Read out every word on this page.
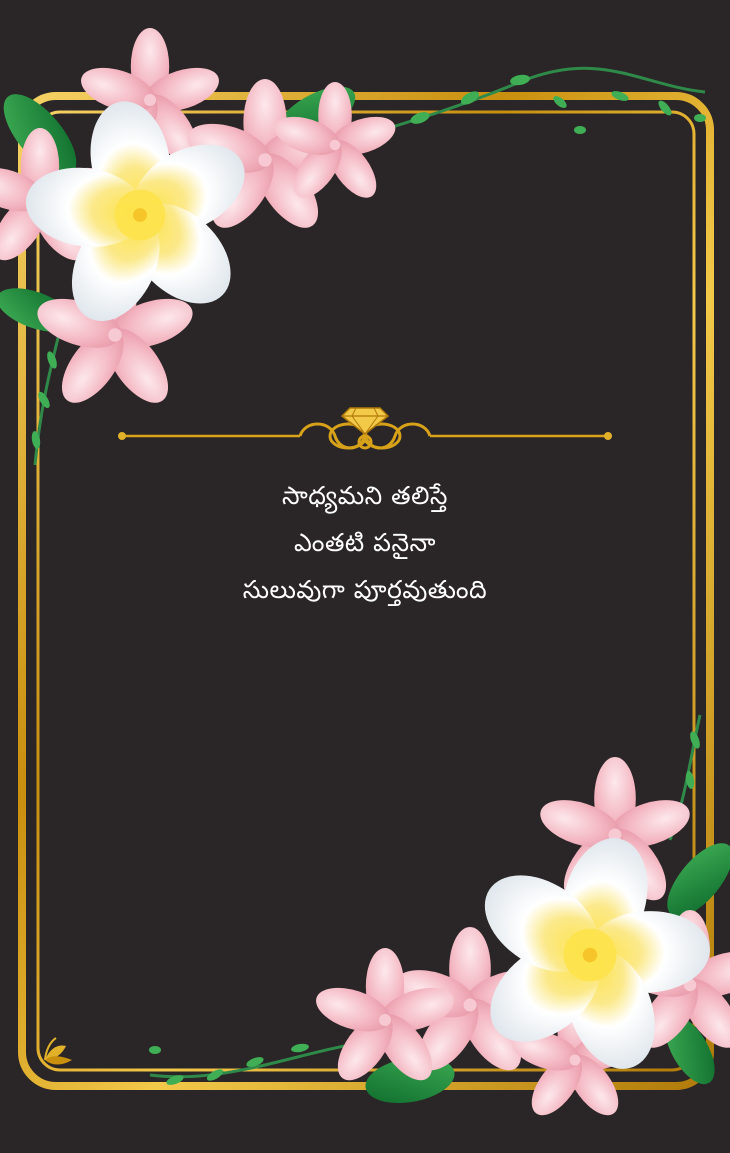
సాధ్యమని తలిస్తే
ఎంతటి పనైనా
సులువుగా పూర్తవుతుంది
